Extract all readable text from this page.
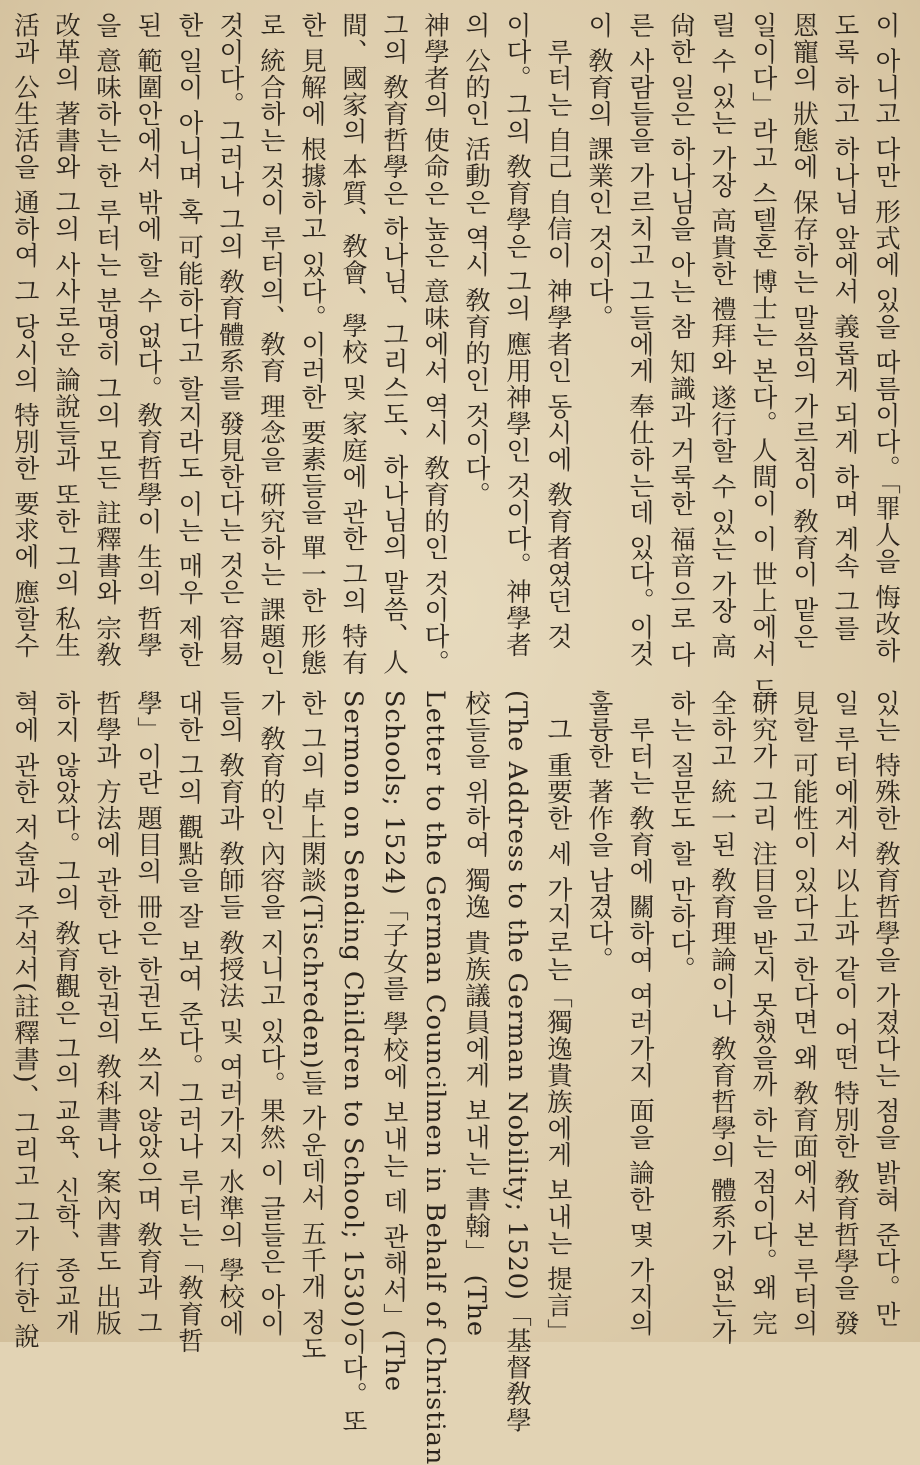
이 아니고 다만 形式에 있을 따름이다。「罪人을 悔改하
도록 하고 하나님 앞에서 義롭게 되게 하며 계속 그를
恩寵의 狀態에 保存하는 말씀의 가르침이 敎育이 맡은
일이다」라고 스텔혼 博士는 본다。人間이 이 世上에서 드
릴 수 있는 가장 高貴한 禮拜와 遂行할 수 있는 가장 高
尙한 일은 하나님을 아는 참 知識과 거룩한 福音으로 다
른 사람들을 가르치고 그들에게 奉仕하는데 있다。이것
이 敎育의 課業인 것이다。
　루터는 自己 自信이 神學者인 동시에 敎育者였던 것
이다。그의 敎育學은 그의 應用神學인 것이다。神學者
의 公的인 活動은 역시 敎育的인 것이다。
神學者의 使命은 높은 意味에서 역시 敎育的인 것이다。
그의 敎育哲學은 하나님、그리스도、하나님의 말씀、人
間、國家의 本質、敎會、學校 및 家庭에 관한 그의 特有
한 見解에 根據하고 있다。이러한 要素들을 單一한 形態
로 統合하는 것이 루터의、敎育 理念을 硏究하는 課題인
것이다。그러나 그의 敎育體系를 發見한다는 것은 容易
한 일이 아니며 혹 可能하다고 할지라도 이는 매우 제한
된 範圍안에서 밖에 할 수 없다。敎育哲學이 生의 哲學
을 意味하는 한 루터는 분명히 그의 모든 註釋書와 宗敎
改革의 著書와 그의 사사로운 論說들과 또한 그의 私生
活과 公生活을 通하여 그 당시의 特別한 要求에 應할수
있는 特殊한 敎育哲學을 가졌다는 점을 밝혀 준다。만
일 루터에게서 以上과 같이 어떤 特別한 敎育哲學을 發
見할 可能性이 있다고 한다면 왜 敎育面에서 본 루터의
硏究가 그리 注目을 받지 못했을까 하는 점이다。왜 完
全하고 統一된 敎育理論이나 敎育哲學의 體系가 없는가
하는 질문도 할 만하다。
　루터는 敎育에 關하여 여러가지 面을 論한 몇 가지의
훌륭한 著作을 남겼다。
　그 重要한 세 가지로는「獨逸貴族에게 보내는 提言」
(The Address to the German Nobility; 1520)「基督敎學
校들을 위하여 獨逸 貴族議員에게 보내는 書翰」 (The
Letter to the German Councilmen in Behalf of Christian
Schools; 1524)「子女를 學校에 보내는 데 관해서」(The
Sermon on Sending Children to School; 1530)이다。또
한 그의 卓上閑談(Tischreden)들 가운데서 五千개 정도
가 敎育的인 內容을 지니고 있다。果然 이 글들은 아이
들의 敎育과 敎師들 敎授法 및 여러가지 水準의 學校에
대한 그의 觀點을 잘 보여 준다。그러나 루터는「敎育哲
學」이란 題目의 冊은 한권도 쓰지 않았으며 敎育과 그
哲學과 方法에 관한 단 한권의 敎科書나 案內書도 出版
하지 않았다。그의 敎育觀은 그의 교육、신학、종교개
혁에 관한 저술과 주석서(註釋書)、그리고 그가 行한 說
